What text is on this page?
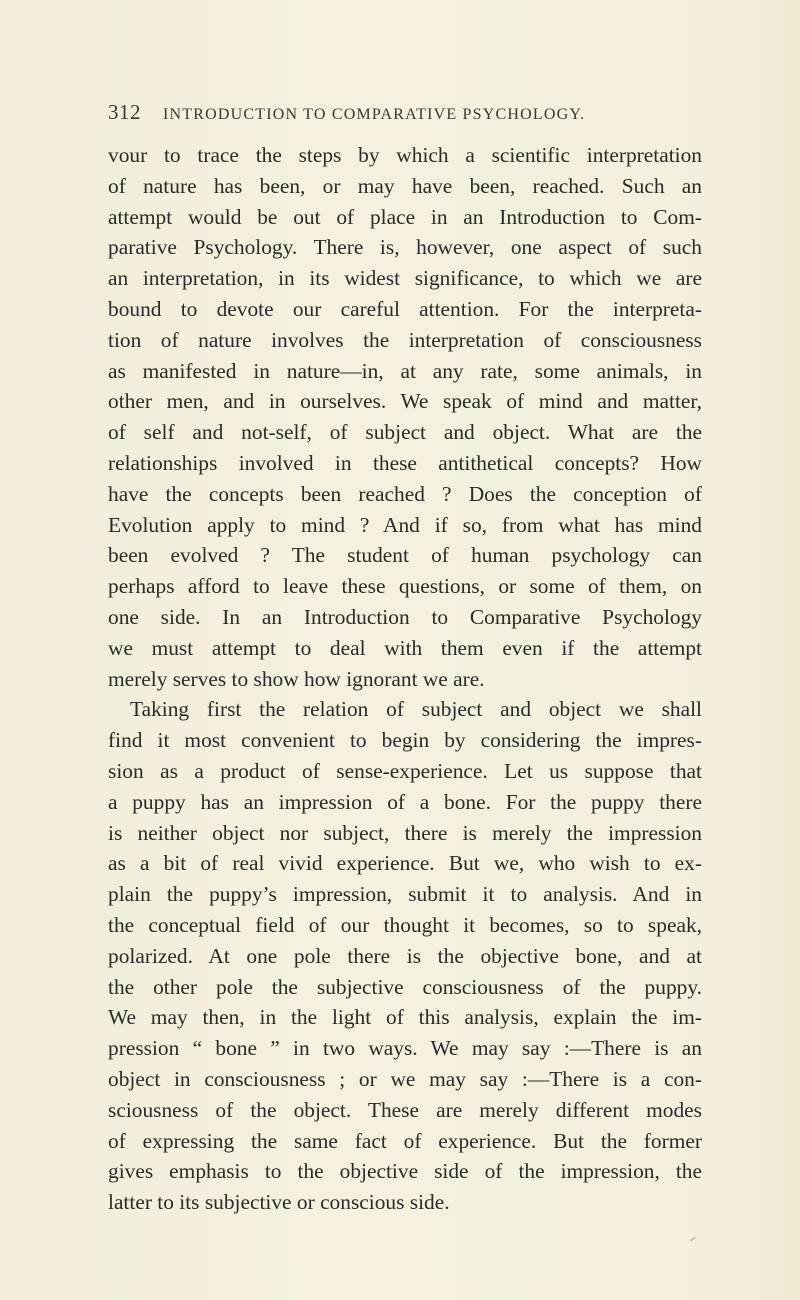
312 INTRODUCTION TO COMPARATIVE PSYCHOLOGY.
vour to trace the steps by which a scientific interpretation
of nature has been, or may have been, reached. Such an
attempt would be out of place in an Introduction to Com-
parative Psychology. There is, however, one aspect of such
an interpretation, in its widest significance, to which we are
bound to devote our careful attention. For the interpreta-
tion of nature involves the interpretation of consciousness
as manifested in nature—in, at any rate, some animals, in
other men, and in ourselves. We speak of mind and matter,
of self and not-self, of subject and object. What are the
relationships involved in these antithetical concepts? How
have the concepts been reached ? Does the conception of
Evolution apply to mind ? And if so, from what has mind
been evolved ? The student of human psychology can
perhaps afford to leave these questions, or some of them, on
one side. In an Introduction to Comparative Psychology
we must attempt to deal with them even if the attempt
merely serves to show how ignorant we are.
Taking first the relation of subject and object we shall
find it most convenient to begin by considering the impres-
sion as a product of sense-experience. Let us suppose that
a puppy has an impression of a bone. For the puppy there
is neither object nor subject, there is merely the impression
as a bit of real vivid experience. But we, who wish to ex-
plain the puppy’s impression, submit it to analysis. And in
the conceptual field of our thought it becomes, so to speak,
polarized. At one pole there is the objective bone, and at
the other pole the subjective consciousness of the puppy.
We may then, in the light of this analysis, explain the im-
pression “ bone ” in two ways. We may say :—There is an
object in consciousness ; or we may say :—There is a con-
sciousness of the object. These are merely different modes
of expressing the same fact of experience. But the former
gives emphasis to the objective side of the impression, the
latter to its subjective or conscious side.
